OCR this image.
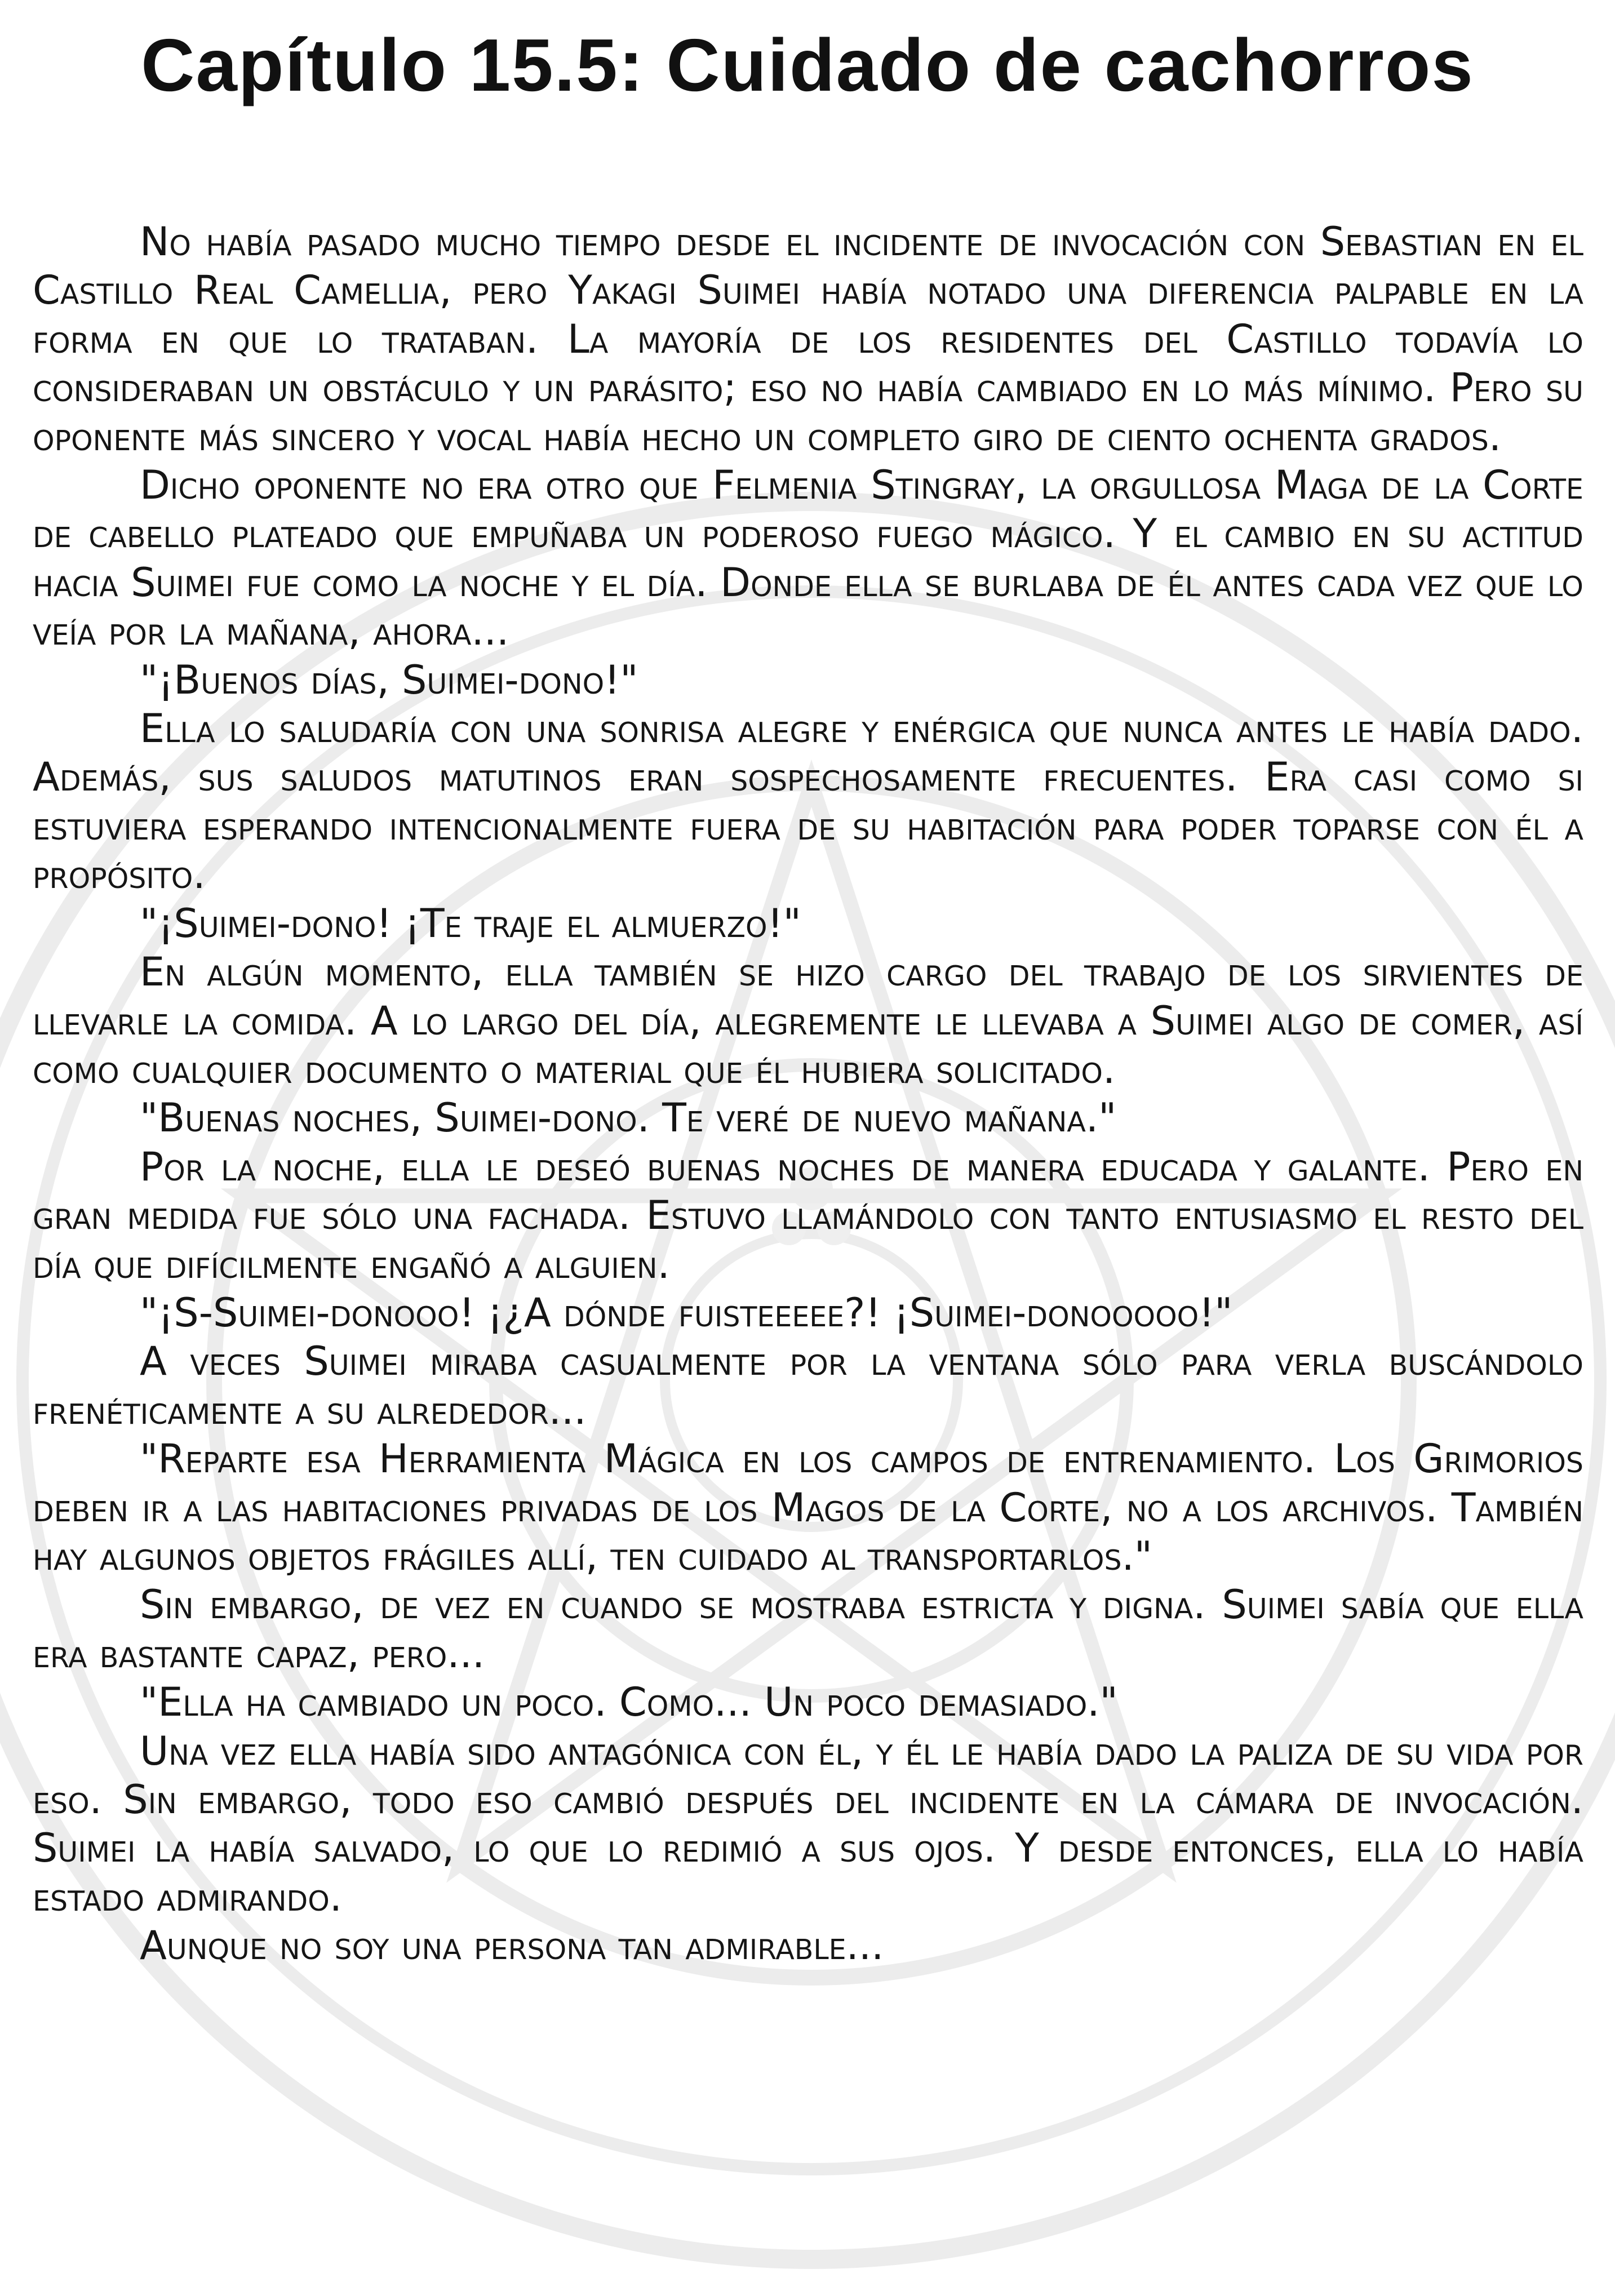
Capítulo 15.5: Cuidado de cachorros

No había pasado mucho tiempo desde el incidente de invocación con Sebastian en el Castillo Real Camellia, pero Yakagi Suimei había notado una diferencia palpable en la forma en que lo trataban. La mayoría de los residentes del Castillo todavía lo consideraban un obstáculo y un parásito; eso no había cambiado en lo más mínimo. Pero su oponente más sincero y vocal había hecho un completo giro de ciento ochenta grados.

Dicho oponente no era otro que Felmenia Stingray, la orgullosa Maga de la Corte de cabello plateado que empuñaba un poderoso fuego mágico. Y el cambio en su actitud hacia Suimei fue como la noche y el día. Donde ella se burlaba de él antes cada vez que lo veía por la mañana, ahora...

"¡Buenos días, Suimei-dono!"

Ella lo saludaría con una sonrisa alegre y enérgica que nunca antes le había dado. Además, sus saludos matutinos eran sospechosamente frecuentes. Era casi como si estuviera esperando intencionalmente fuera de su habitación para poder toparse con él a propósito.

"¡Suimei-dono! ¡Te traje el almuerzo!"

En algún momento, ella también se hizo cargo del trabajo de los sirvientes de llevarle la comida. A lo largo del día, alegremente le llevaba a Suimei algo de comer, así como cualquier documento o material que él hubiera solicitado.

"Buenas noches, Suimei-dono. Te veré de nuevo mañana."

Por la noche, ella le deseó buenas noches de manera educada y galante. Pero en gran medida fue sólo una fachada. Estuvo llamándolo con tanto entusiasmo el resto del día que difícilmente engañó a alguien.

"¡S-Suimei-donooo! ¡¿A dónde fuisteeeee?! ¡Suimei-donooooo!"

A veces Suimei miraba casualmente por la ventana sólo para verla buscándolo frenéticamente a su alrededor...

"Reparte esa Herramienta Mágica en los campos de entrenamiento. Los Grimorios deben ir a las habitaciones privadas de los Magos de la Corte, no a los archivos. También hay algunos objetos frágiles allí, ten cuidado al transportarlos."

Sin embargo, de vez en cuando se mostraba estricta y digna. Suimei sabía que ella era bastante capaz, pero...

"Ella ha cambiado un poco. Como... Un poco demasiado."

Una vez ella había sido antagónica con él, y él le había dado la paliza de su vida por eso. Sin embargo, todo eso cambió después del incidente en la cámara de invocación. Suimei la había salvado, lo que lo redimió a sus ojos. Y desde entonces, ella lo había estado admirando.

Aunque no soy una persona tan admirable...
